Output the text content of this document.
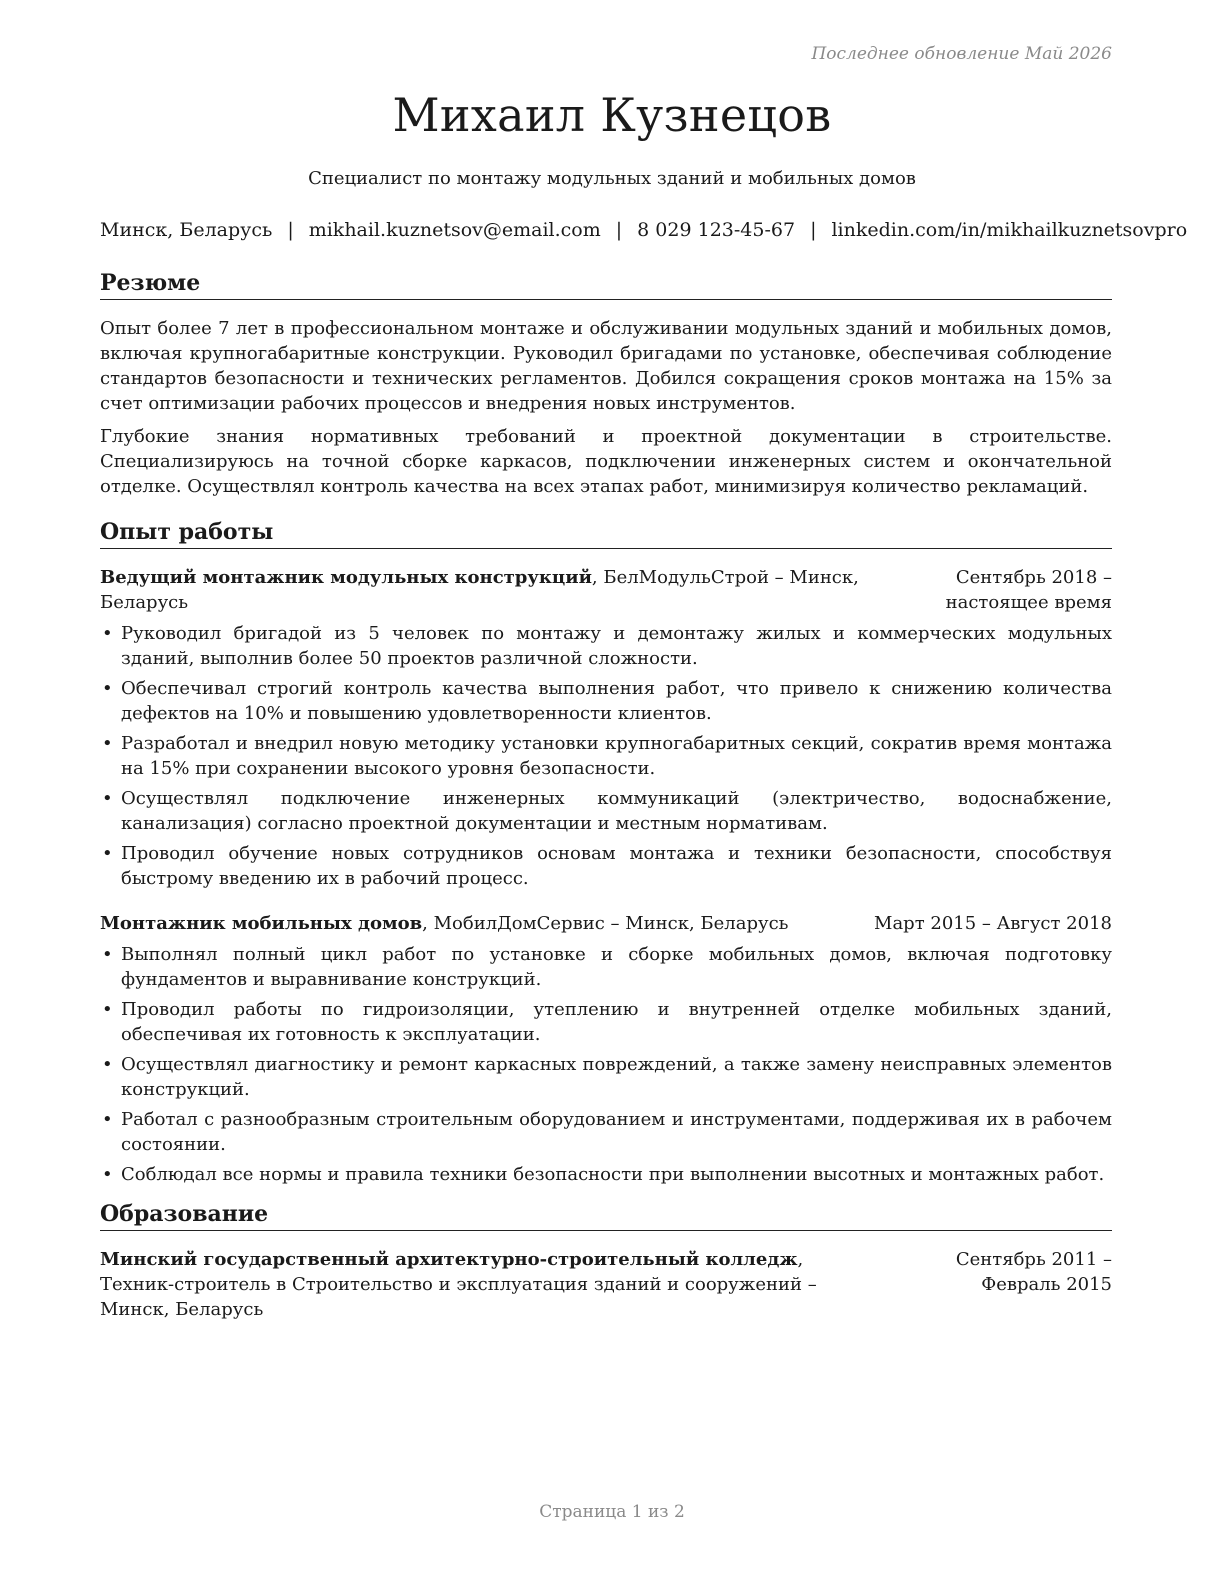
Последнее обновление Май 2026
Михаил Кузнецов
Специалист по монтажу модульных зданий и мобильных домов
Минск, Беларусь | mikhail.kuznetsov@email.com | 8 029 123-45-67 | linkedin.com/in/mikhailkuznetsovpro
Резюме

Опыт более 7 лет в профессиональном монтаже и обслуживании модульных зданий и мобильных домов, включая крупногабаритные конструкции. Руководил бригадами по установке, обеспечивая соблюдение стандартов безопасности и технических регламентов. Добился сокращения сроков монтажа на 15% за счет оптимизации рабочих процессов и внедрения новых инструментов.

Глубокие знания нормативных требований и проектной документации в строительстве. Специализируюсь на точной сборке каркасов, подключении инженерных систем и окончательной отделке. Осуществлял контроль качества на всех этапах работ, минимизируя количество рекламаций.

Опыт работы
Ведущий монтажник модульных конструкций, БелМодульСтрой – Минск, Беларусь
Сентябрь 2018 – настоящее время
• Руководил бригадой из 5 человек по монтажу и демонтажу жилых и коммерческих модульных зданий, выполнив более 50 проектов различной сложности.
• Обеспечивал строгий контроль качества выполнения работ, что привело к снижению количества дефектов на 10% и повышению удовлетворенности клиентов.
• Разработал и внедрил новую методику установки крупногабаритных секций, сократив время монтажа на 15% при сохранении высокого уровня безопасности.
• Осуществлял подключение инженерных коммуникаций (электричество, водоснабжение, канализация) согласно проектной документации и местным нормативам.
• Проводил обучение новых сотрудников основам монтажа и техники безопасности, способствуя быстрому введению их в рабочий процесс.
Монтажник мобильных домов, МобилДомСервис – Минск, Беларусь	Март 2015 – Август 2018
• Выполнял полный цикл работ по установке и сборке мобильных домов, включая подготовку фундаментов и выравнивание конструкций.
• Проводил работы по гидроизоляции, утеплению и внутренней отделке мобильных зданий, обеспечивая их готовность к эксплуатации.
• Осуществлял диагностику и ремонт каркасных повреждений, а также замену неисправных элементов конструкций.
• Работал с разнообразным строительным оборудованием и инструментами, поддерживая их в рабочем состоянии.
• Соблюдал все нормы и правила техники безопасности при выполнении высотных и монтажных работ.
Образование
Минский государственный архитектурно-строительный колледж, Техник-строитель в Строительство и эксплуатация зданий и сооружений – Минск, Беларусь
Сентябрь 2011 – Февраль 2015
Страница 1 из 2
